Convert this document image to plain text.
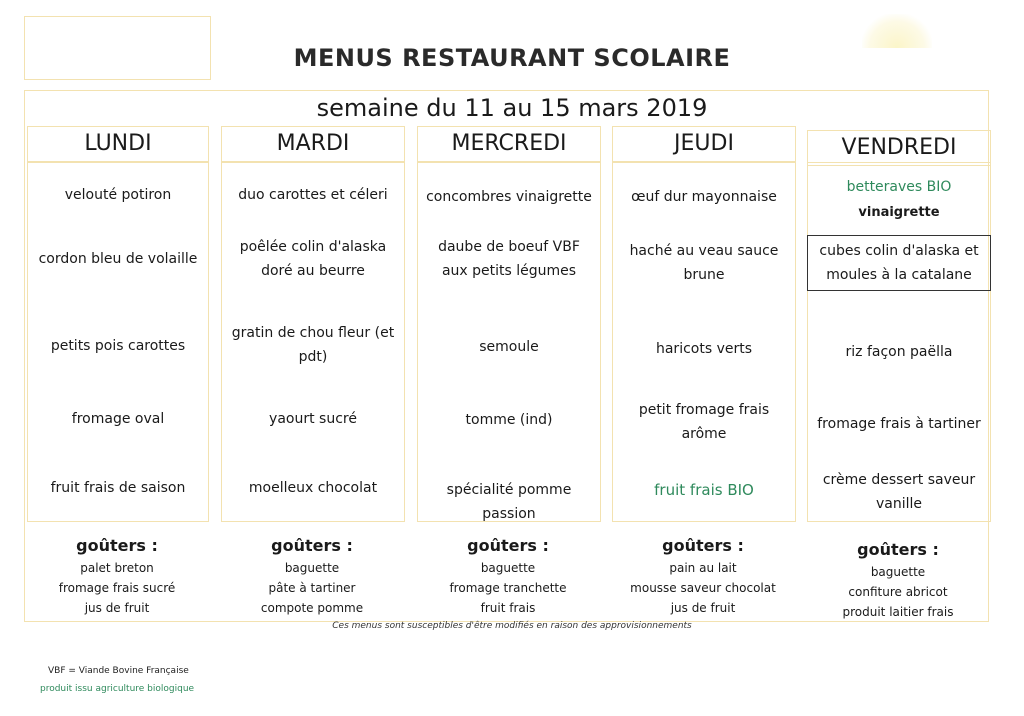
MENUS RESTAURANT SCOLAIRE
semaine du 11 au 15 mars 2019
LUNDI
velouté potiron
cordon bleu de volaille
petits pois carottes
fromage oval
fruit frais de saison
goûters :
palet breton
fromage frais sucré
jus de fruit
MARDI
duo carottes et céleri
poêlée colin d'alaska doré au beurre
gratin de chou fleur (et pdt)
yaourt sucré
moelleux chocolat
goûters :
baguette
pâte à tartiner
compote pomme
MERCREDI
concombres vinaigrette
daube de boeuf VBF aux petits légumes
semoule
tomme (ind)
spécialité pomme passion
goûters :
baguette
fromage tranchette
fruit frais
JEUDI
œuf dur mayonnaise
haché au veau sauce brune
haricots verts
petit fromage frais arôme
fruit frais BIO
goûters :
pain au lait
mousse saveur chocolat
jus de fruit
VENDREDI
betteraves BIO
vinaigrette
cubes colin d'alaska et moules à la catalane
riz façon paëlla
fromage frais à tartiner
crème dessert saveur vanille
goûters :
baguette
confiture abricot
produit laitier frais
Ces menus sont susceptibles d'être modifiés en raison des approvisionnements
VBF = Viande Bovine Française
produit issu agriculture biologique
